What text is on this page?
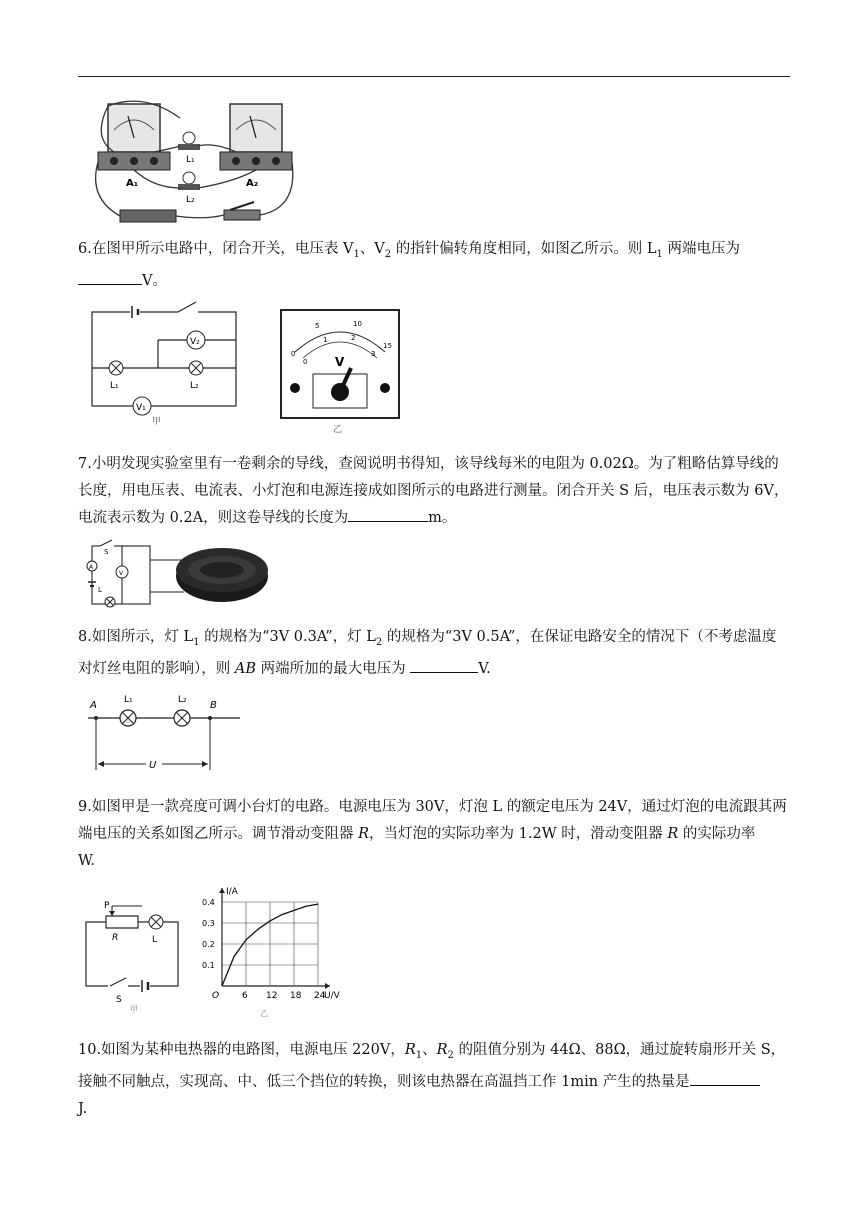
A₁	A₂
L₁
L₂
6.在图甲所示电路中，闭合开关，电压表 $V_1$、$V_2$ 的指针偏转角度相同，如图乙所示。则 $L_1$ 两端电压为
V。
V₂
L₁	L₂
V₁
甲
0
5	10
15
0
1	2
3
V
乙
7.小明发现实验室里有一卷剩余的导线，查阅说明书得知，该导线每米的电阻为 0.02Ω。为了粗略估算导线的长度，用电压表、电流表、小灯泡和电源连接成如图所示的电路进行测量。闭合开关 S 后，电压表示数为 6V，电流表示数为 0.2A，则这卷导线的长度为	m。
S
A
V
L
8.如图所示，灯 $L_1$ 的规格为“3V 0.3A”，灯 $L_2$ 的规格为“3V 0.5A”，在保证电路安全的情况下（不考虑温度对灯丝电阻的影响），则 AB 两端所加的最大电压为	V.
A	B
L₁	L₂
U
9.如图甲是一款亮度可调小台灯的电路。电源电压为 30V，灯泡 L 的额定电压为 24V，通过灯泡的电流跟其两端电压的关系如图乙所示。调节滑动变阻器 R，当灯泡的实际功率为 1.2W 时，滑动变阻器 R 的实际功率
W.
P
R	L
S
甲
6 12 18 24
0.1
0.2
0.3
0.4
O	U/V
I/A
乙
10.如图为某种电热器的电路图，电源电压 220V，$R_1$、$R_2$ 的阻值分别为 44Ω、88Ω，通过旋转扇形开关 S，接触不同触点，实现高、中、低三个挡位的转换，则该电热器在高温挡工作 1min 产生的热量是
J.
